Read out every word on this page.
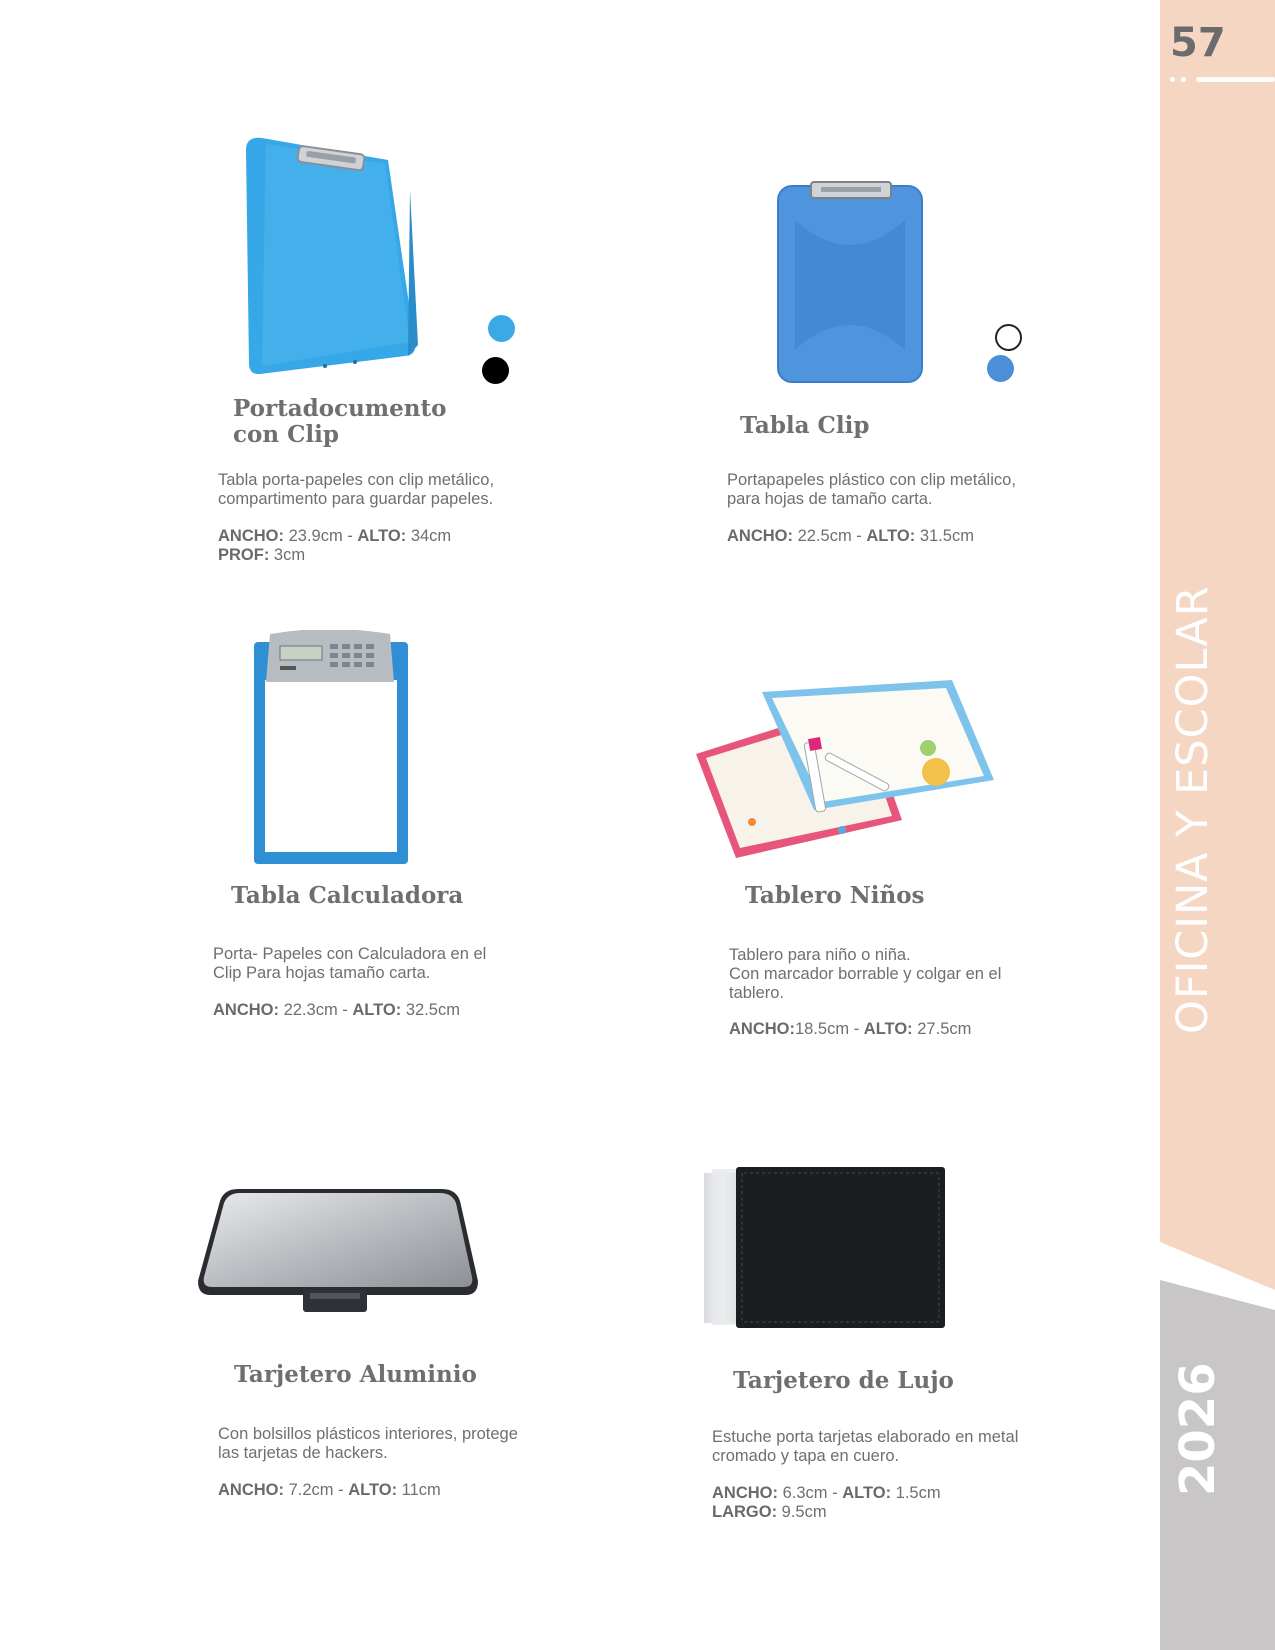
57
OFICINA Y ESCOLAR
2026
Portadocumento
con Clip
Tabla porta-papeles con clip metálico,
compartimento para guardar papeles.
ANCHO: 23.9cm - ALTO: 34cm
PROF: 3cm
Tabla Clip
Portapapeles plástico con clip metálico,
para hojas de tamaño carta.
ANCHO: 22.5cm - ALTO: 31.5cm
Tabla Calculadora
Porta- Papeles con Calculadora en el
Clip Para hojas tamaño carta.
ANCHO: 22.3cm - ALTO: 32.5cm
Tablero Niños
Tablero para niño o niña.
Con marcador borrable y colgar en el
tablero.
ANCHO:18.5cm - ALTO: 27.5cm
Tarjetero Aluminio
Con bolsillos plásticos interiores, protege
las tarjetas de hackers.
ANCHO: 7.2cm - ALTO: 11cm
Tarjetero de Lujo
Estuche porta tarjetas elaborado en metal
cromado y tapa en cuero.
ANCHO: 6.3cm - ALTO: 1.5cm
LARGO: 9.5cm
